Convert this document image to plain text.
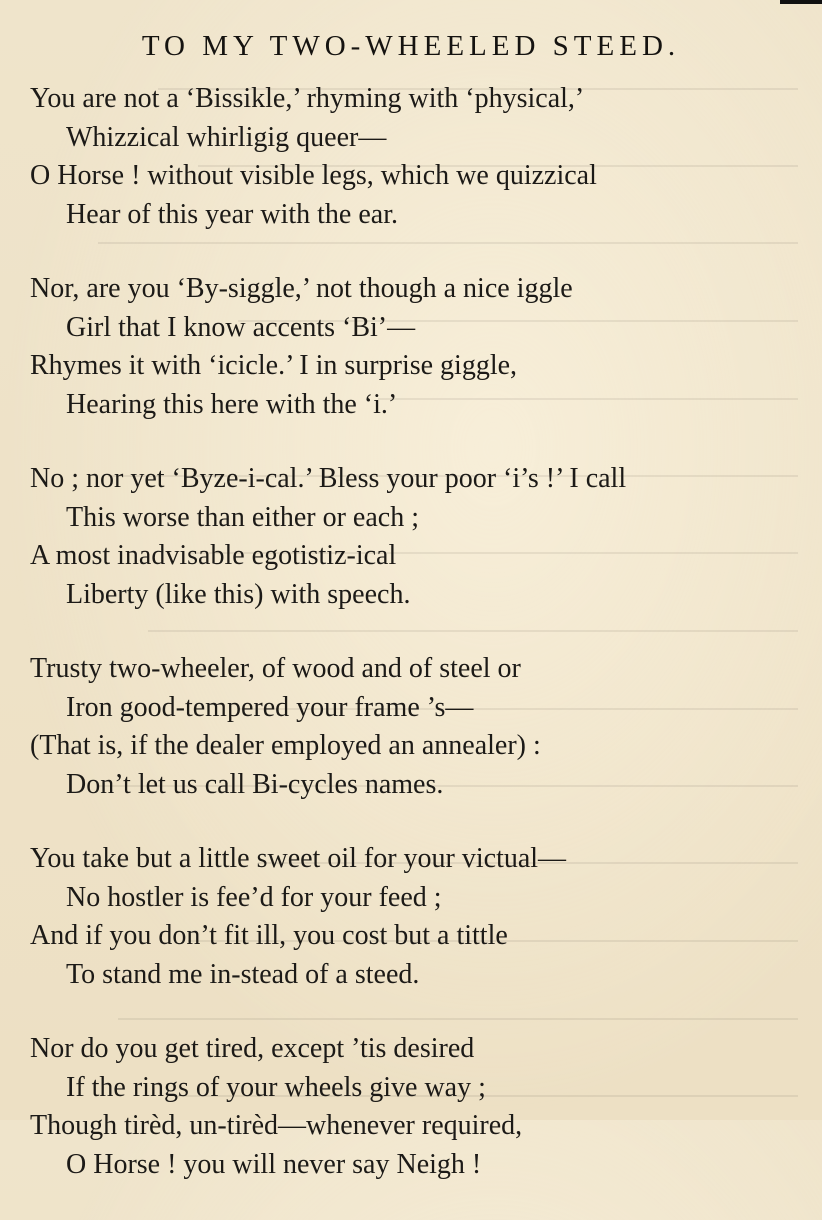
TO MY TWO-WHEELED STEED.
You are not a ‘Bissikle,’ rhyming with ‘physical,’
Whizzical whirligig queer—
O Horse ! without visible legs, which we quizzical
Hear of this year with the ear.
Nor, are you ‘By-siggle,’ not though a nice iggle
Girl that I know accents ‘Bi’—
Rhymes it with ‘icicle.’ I in surprise giggle,
Hearing this here with the ‘i.’
No ; nor yet ‘Byze-i-cal.’ Bless your poor ‘i’s !’ I call
This worse than either or each ;
A most inadvisable egotistiz-ical
Liberty (like this) with speech.
Trusty two-wheeler, of wood and of steel or
Iron good-tempered your frame ’s—
(That is, if the dealer employed an annealer) :
Don’t let us call Bi-cycles names.
You take but a little sweet oil for your victual—
No hostler is fee’d for your feed ;
And if you don’t fit ill, you cost but a tittle
To stand me in-stead of a steed.
Nor do you get tired, except ’tis desired
If the rings of your wheels give way ;
Though tirèd, un-tirèd—whenever required,
O Horse ! you will never say Neigh !
